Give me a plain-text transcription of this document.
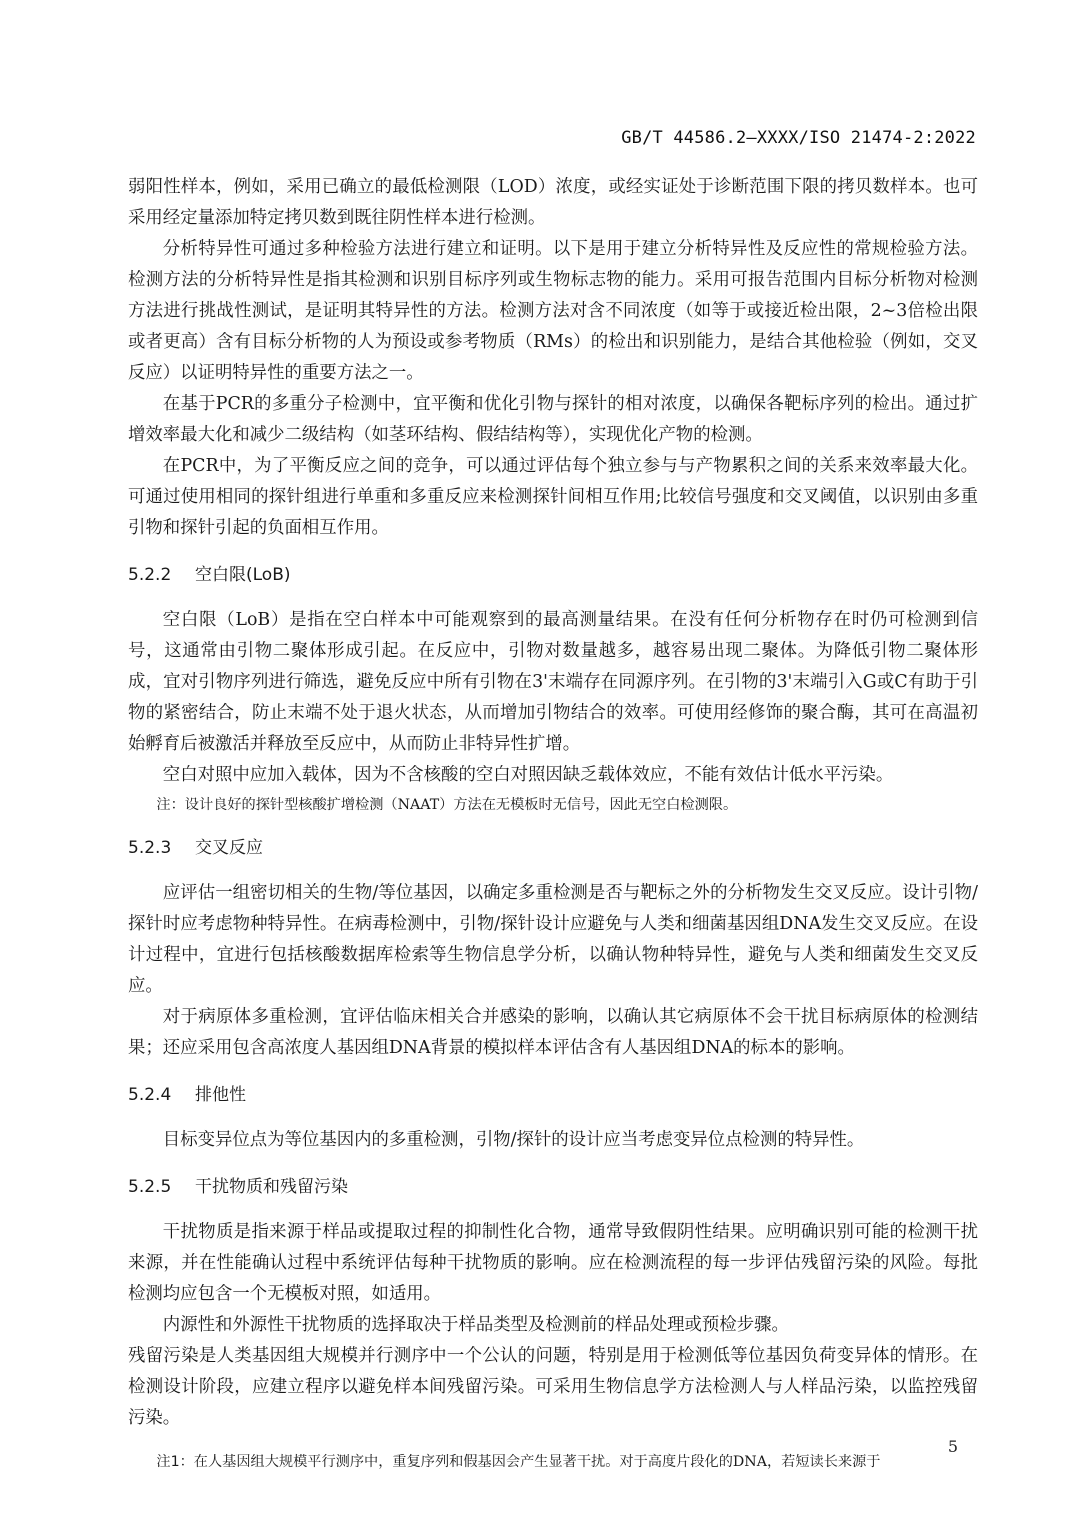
GB/T 44586.2—XXXX/ISO 21474-2:2022

弱阳性样本，例如，采用已确立的最低检测限（LOD）浓度，或经实证处于诊断范围下限的拷贝数样本。也可采用经定量添加特定拷贝数到既往阴性样本进行检测。

分析特异性可通过多种检验方法进行建立和证明。以下是用于建立分析特异性及反应性的常规检验方法。检测方法的分析特异性是指其检测和识别目标序列或生物标志物的能力。采用可报告范围内目标分析物对检测方法进行挑战性测试，是证明其特异性的方法。检测方法对含不同浓度（如等于或接近检出限，2~3倍检出限或者更高）含有目标分析物的人为预设或参考物质（RMs）的检出和识别能力，是结合其他检验（例如，交叉反应）以证明特异性的重要方法之一。

在基于PCR的多重分子检测中，宜平衡和优化引物与探针的相对浓度，以确保各靶标序列的检出。通过扩增效率最大化和减少二级结构（如茎环结构、假结结构等），实现优化产物的检测。

在PCR中，为了平衡反应之间的竞争，可以通过评估每个独立参与与产物累积之间的关系来效率最大化。可通过使用相同的探针组进行单重和多重反应来检测探针间相互作用;比较信号强度和交叉阈值，以识别由多重引物和探针引起的负面相互作用。

5.2.2 空白限(LoB)

空白限（LoB）是指在空白样本中可能观察到的最高测量结果。在没有任何分析物存在时仍可检测到信号，这通常由引物二聚体形成引起。在反应中，引物对数量越多，越容易出现二聚体。为降低引物二聚体形成，宜对引物序列进行筛选，避免反应中所有引物在3'末端存在同源序列。在引物的3'末端引入G或C有助于引物的紧密结合，防止末端不处于退火状态，从而增加引物结合的效率。可使用经修饰的聚合酶，其可在高温初始孵育后被激活并释放至反应中，从而防止非特异性扩增。

空白对照中应加入载体，因为不含核酸的空白对照因缺乏载体效应，不能有效估计低水平污染。

注：设计良好的探针型核酸扩增检测（NAAT）方法在无模板时无信号，因此无空白检测限。
5.2.3 交叉反应

应评估一组密切相关的生物/等位基因，以确定多重检测是否与靶标之外的分析物发生交叉反应。设计引物/探针时应考虑物种特异性。在病毒检测中，引物/探针设计应避免与人类和细菌基因组DNA发生交叉反应。在设计过程中，宜进行包括核酸数据库检索等生物信息学分析，以确认物种特异性，避免与人类和细菌发生交叉反应。

对于病原体多重检测，宜评估临床相关合并感染的影响，以确认其它病原体不会干扰目标病原体的检测结果；还应采用包含高浓度人基因组DNA背景的模拟样本评估含有人基因组DNA的标本的影响。

5.2.4 排他性

目标变异位点为等位基因内的多重检测，引物/探针的设计应当考虑变异位点检测的特异性。

5.2.5 干扰物质和残留污染

干扰物质是指来源于样品或提取过程的抑制性化合物，通常导致假阴性结果。应明确识别可能的检测干扰来源，并在性能确认过程中系统评估每种干扰物质的影响。应在检测流程的每一步评估残留污染的风险。每批检测均应包含一个无模板对照，如适用。

内源性和外源性干扰物质的选择取决于样品类型及检测前的样品处理或预检步骤。

残留污染是人类基因组大规模并行测序中一个公认的问题，特别是用于检测低等位基因负荷变异体的情形。在检测设计阶段，应建立程序以避免样本间残留污染。可采用生物信息学方法检测人与人样品污染，以监控残留污染。

注1：在人基因组大规模平行测序中，重复序列和假基因会产生显著干扰。对于高度片段化的DNA，若短读长来源于
5
